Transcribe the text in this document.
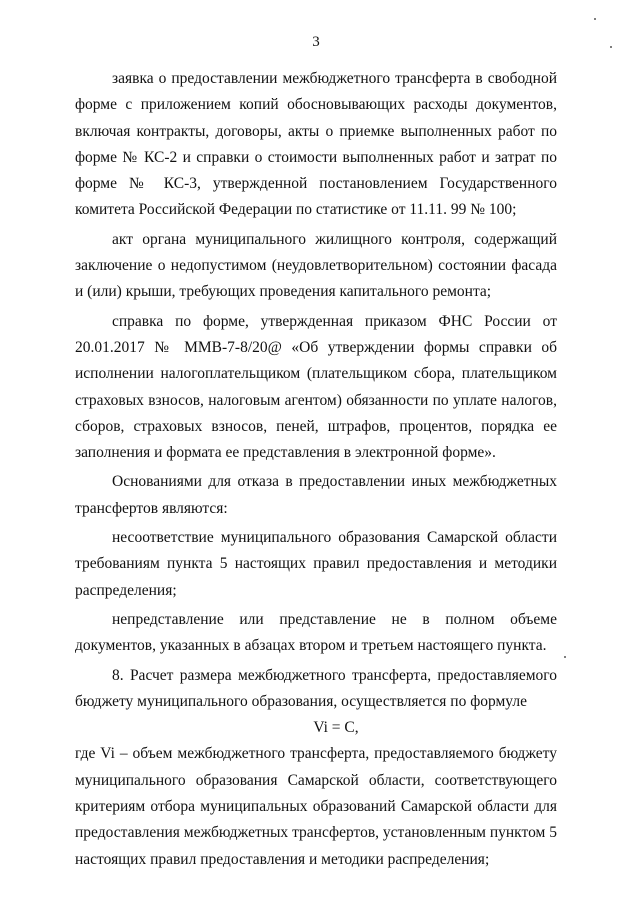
3

заявка о предоставлении межбюджетного трансферта в свободной форме с приложением копий обосновывающих расходы документов, включая контракты, договоры, акты о приемке выполненных работ по форме № КС-2 и справки о стоимости выполненных работ и затрат по форме № КС-3, утвержденной постановлением Государственного комитета Российской Федерации по статистике от 11.11. 99 № 100;

акт органа муниципального жилищного контроля, содержащий заключение о недопустимом (неудовлетворительном) состоянии фасада и (или) крыши, требующих проведения капитального ремонта;

справка по форме, утвержденная приказом ФНС России от 20.01.2017 № ММВ-7-8/20@ «Об утверждении формы справки об исполнении налогоплательщиком (плательщиком сбора, плательщиком страховых взносов, налоговым агентом) обязанности по уплате налогов, сборов, страховых взносов, пеней, штрафов, процентов, порядка ее заполнения и формата ее представления в электронной форме».

Основаниями для отказа в предоставлении иных межбюджетных трансфертов являются:

несоответствие муниципального образования Самарской области требованиям пункта 5 настоящих правил предоставления и методики распределения;

непредставление или представление не в полном объеме документов, указанных в абзацах втором и третьем настоящего пункта.

8. Расчет размера межбюджетного трансферта, предоставляемого бюджету муниципального образования, осуществляется по формуле

Vi = C,

где Vi – объем межбюджетного трансферта, предоставляемого бюджету муниципального образования Самарской области, соответствующего критериям отбора муниципальных образований Самарской области для предоставления межбюджетных трансфертов, установленным пунктом 5 настоящих правил предоставления и методики распределения;
